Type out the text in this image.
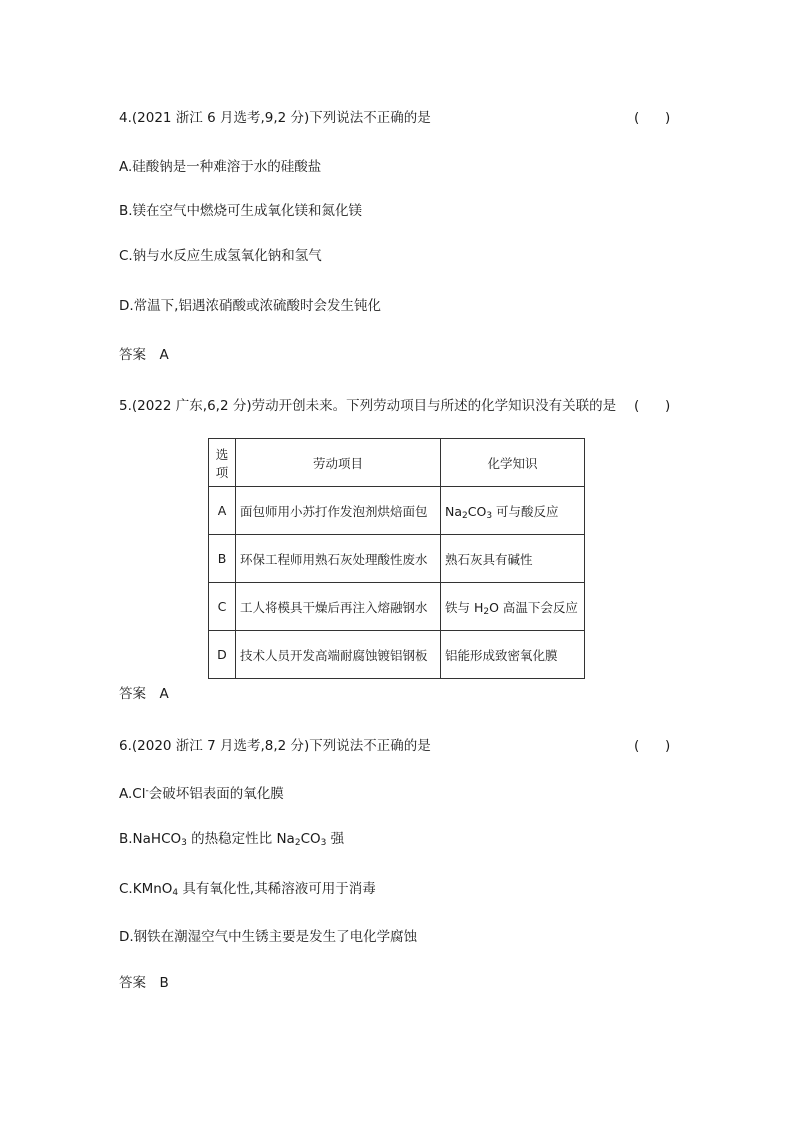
4.(2021 浙江 6 月选考,9,2 分)下列说法不正确的是	(      )
A.硅酸钠是一种难溶于水的硅酸盐
B.镁在空气中燃烧可生成氧化镁和氮化镁
C.钠与水反应生成氢氧化钠和氢气
D.常温下,铝遇浓硝酸或浓硫酸时会发生钝化
答案　A
5.(2022 广东,6,2 分)劳动开创未来。下列劳动项目与所述的化学知识没有关联的是 (      )
选项	劳动项目	化学知识
A	面包师用小苏打作发泡剂烘焙面包	$Na_2CO_3$ 可与酸反应
B	环保工程师用熟石灰处理酸性废水	熟石灰具有碱性
C	工人将模具干燥后再注入熔融钢水	铁与 $H_2O$ 高温下会反应
D	技术人员开发高端耐腐蚀镀铝钢板	铝能形成致密氧化膜
答案　A
6.(2020 浙江 7 月选考,8,2 分)下列说法不正确的是	(      )
A.Cl-会破坏铝表面的氧化膜
B.NaHCO$_3$ 的热稳定性比 $Na_2CO_3$ 强
C.KMnO$_4$ 具有氧化性,其稀溶液可用于消毒
D.钢铁在潮湿空气中生锈主要是发生了电化学腐蚀
答案　B
